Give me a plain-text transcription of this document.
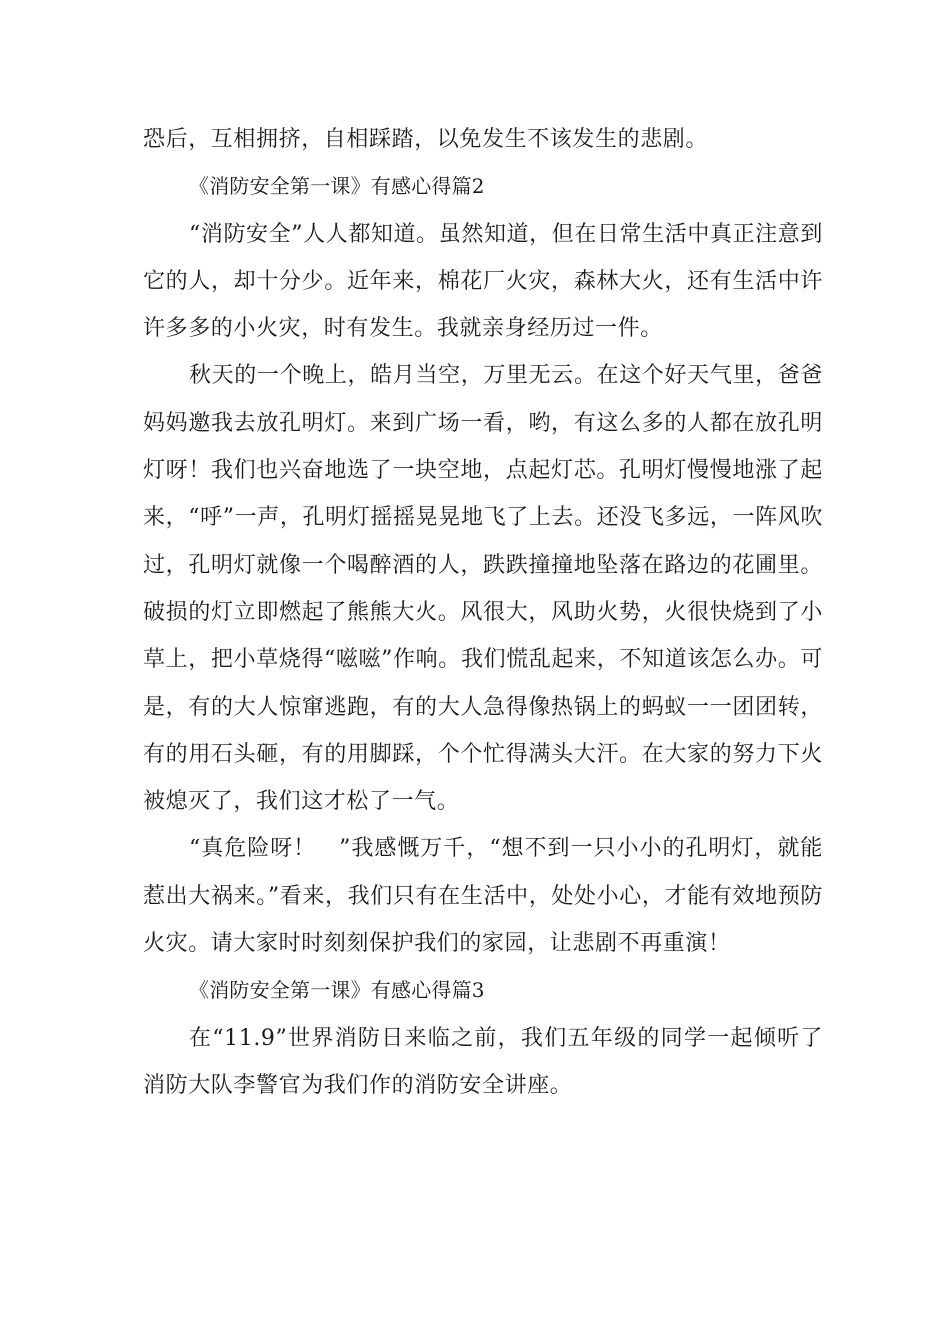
恐后，互相拥挤，自相踩踏，以免发生不该发生的悲剧。

《消防安全第一课》有感心得篇2

“消防安全”人人都知道。虽然知道，但在日常生活中真正注意到它的人，却十分少。近年来，棉花厂火灾，森林大火，还有生活中许许多多的小火灾，时有发生。我就亲身经历过一件。

秋天的一个晚上，皓月当空，万里无云。在这个好天气里，爸爸妈妈邀我去放孔明灯。来到广场一看，哟，有这么多的人都在放孔明灯呀！我们也兴奋地选了一块空地，点起灯芯。孔明灯慢慢地涨了起来，“呼”一声，孔明灯摇摇晃晃地飞了上去。还没飞多远，一阵风吹过，孔明灯就像一个喝醉酒的人，跌跌撞撞地坠落在路边的花圃里。破损的灯立即燃起了熊熊大火。风很大，风助火势，火很快烧到了小草上，把小草烧得“嗞嗞”作响。我们慌乱起来，不知道该怎么办。可是，有的大人惊窜逃跑，有的大人急得像热锅上的蚂蚁一一团团转，有的用石头砸，有的用脚踩，个个忙得满头大汗。在大家的努力下火被熄灭了，我们这才松了一气。

“真危险呀！　”我感慨万千，“想不到一只小小的孔明灯，就能惹出大祸来。”看来，我们只有在生活中，处处小心，才能有效地预防火灾。请大家时时刻刻保护我们的家园，让悲剧不再重演！

《消防安全第一课》有感心得篇3

在“11.9”世界消防日来临之前，我们五年级的同学一起倾听了消防大队李警官为我们作的消防安全讲座。
